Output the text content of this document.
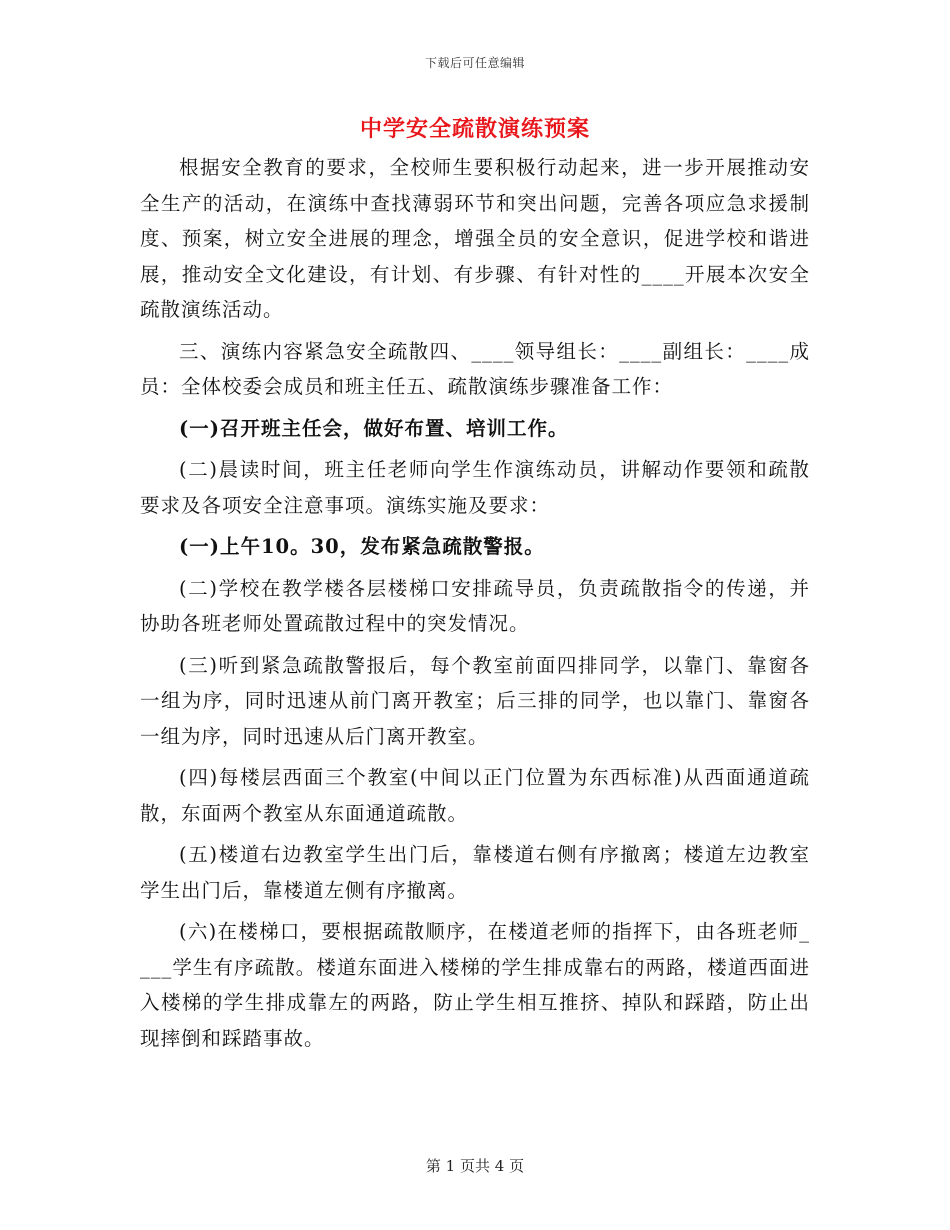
下载后可任意编辑
中学安全疏散演练预案

根据安全教育的要求，全校师生要积极行动起来，进一步开展推动安全生产的活动，在演练中查找薄弱环节和突出问题，完善各项应急求援制度、预案，树立安全进展的理念，增强全员的安全意识，促进学校和谐进展，推动安全文化建设，有计划、有步骤、有针对性的____开展本次安全疏散演练活动。

三、演练内容紧急安全疏散四、____领导组长：____副组长：____成员：全体校委会成员和班主任五、疏散演练步骤准备工作：

(一)召开班主任会，做好布置、培训工作。

(二)晨读时间，班主任老师向学生作演练动员，讲解动作要领和疏散要求及各项安全注意事项。演练实施及要求：

(一)上午10。30，发布紧急疏散警报。

(二)学校在教学楼各层楼梯口安排疏导员，负责疏散指令的传递，并协助各班老师处置疏散过程中的突发情况。

(三)听到紧急疏散警报后，每个教室前面四排同学，以靠门、靠窗各一组为序，同时迅速从前门离开教室；后三排的同学，也以靠门、靠窗各一组为序，同时迅速从后门离开教室。

(四)每楼层西面三个教室(中间以正门位置为东西标准)从西面通道疏散，东面两个教室从东面通道疏散。

(五)楼道右边教室学生出门后，靠楼道右侧有序撤离；楼道左边教室学生出门后，靠楼道左侧有序撤离。

(六)在楼梯口，要根据疏散顺序，在楼道老师的指挥下，由各班老师____学生有序疏散。楼道东面进入楼梯的学生排成靠右的两路，楼道西面进入楼梯的学生排成靠左的两路，防止学生相互推挤、掉队和踩踏，防止出现摔倒和踩踏事故。

第 1 页共 4 页
